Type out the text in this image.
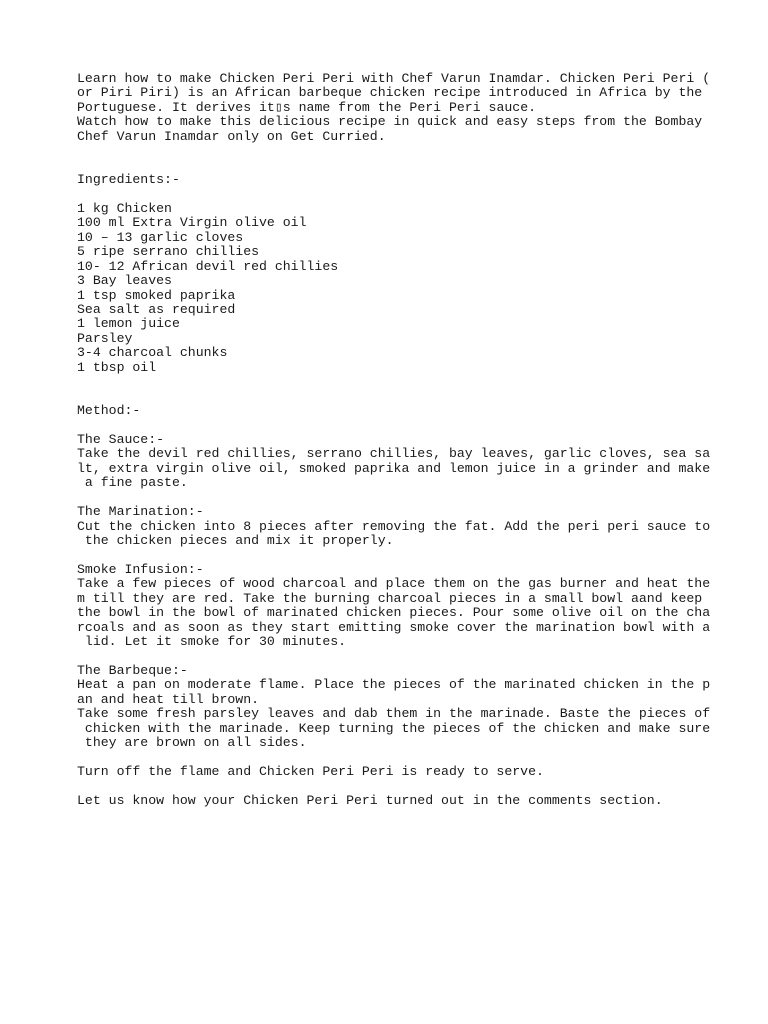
Learn how to make Chicken Peri Peri with Chef Varun Inamdar. Chicken Peri Peri (
or Piri Piri) is an African barbeque chicken recipe introduced in Africa by the
Portuguese. It derives it▯s name from the Peri Peri sauce.
Watch how to make this delicious recipe in quick and easy steps from the Bombay
Chef Varun Inamdar only on Get Curried.
Ingredients:-
1 kg Chicken
100 ml Extra Virgin olive oil
10 – 13 garlic cloves
5 ripe serrano chillies
10- 12 African devil red chillies
3 Bay leaves
1 tsp smoked paprika
Sea salt as required
1 lemon juice
Parsley
3-4 charcoal chunks
1 tbsp oil
Method:-
The Sauce:-
Take the devil red chillies, serrano chillies, bay leaves, garlic cloves, sea sa
lt, extra virgin olive oil, smoked paprika and lemon juice in a grinder and make
a fine paste.
The Marination:-
Cut the chicken into 8 pieces after removing the fat. Add the peri peri sauce to
the chicken pieces and mix it properly.
Smoke Infusion:-
Take a few pieces of wood charcoal and place them on the gas burner and heat the
m till they are red. Take the burning charcoal pieces in a small bowl aand keep
the bowl in the bowl of marinated chicken pieces. Pour some olive oil on the cha
rcoals and as soon as they start emitting smoke cover the marination bowl with a
lid. Let it smoke for 30 minutes.
The Barbeque:-
Heat a pan on moderate flame. Place the pieces of the marinated chicken in the p
an and heat till brown.
Take some fresh parsley leaves and dab them in the marinade. Baste the pieces of
chicken with the marinade. Keep turning the pieces of the chicken and make sure
they are brown on all sides.
Turn off the flame and Chicken Peri Peri is ready to serve.
Let us know how your Chicken Peri Peri turned out in the comments section.
